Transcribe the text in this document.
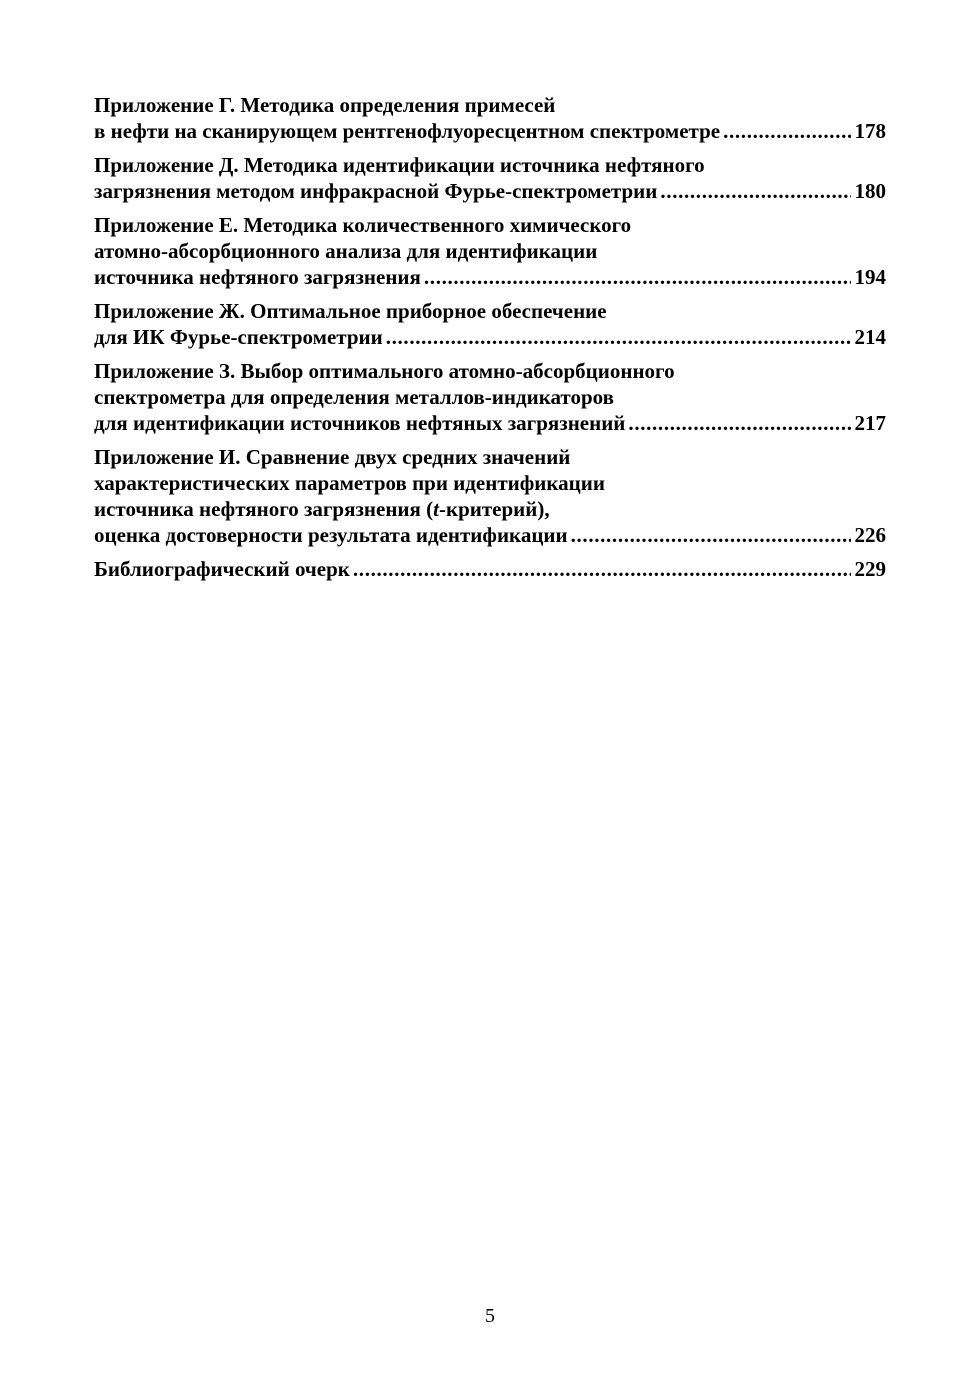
Приложение Г. Методика определения примесей
в нефти на сканирующем рентгенофлуоресцентном спектрометре . . .	178
Приложение Д. Методика идентификации источника нефтяного
загрязнения методом инфракрасной Фурье-спектрометрии . . .	180
Приложение Е. Методика количественного химического
атомно-абсорбционного анализа для идентификации
источника нефтяного загрязнения . . .	194
Приложение Ж. Оптимальное приборное обеспечение
для ИК Фурье-спектрометрии . . .	214
Приложение З. Выбор оптимального атомно-абсорбционного
спектрометра для определения металлов-индикаторов
для идентификации источников нефтяных загрязнений . . .	217
Приложение И. Сравнение двух средних значений
характеристических параметров при идентификации
источника нефтяного загрязнения (t-критерий),
оценка достоверности результата идентификации . . .	226
Библиографический очерк . . .	229
5
